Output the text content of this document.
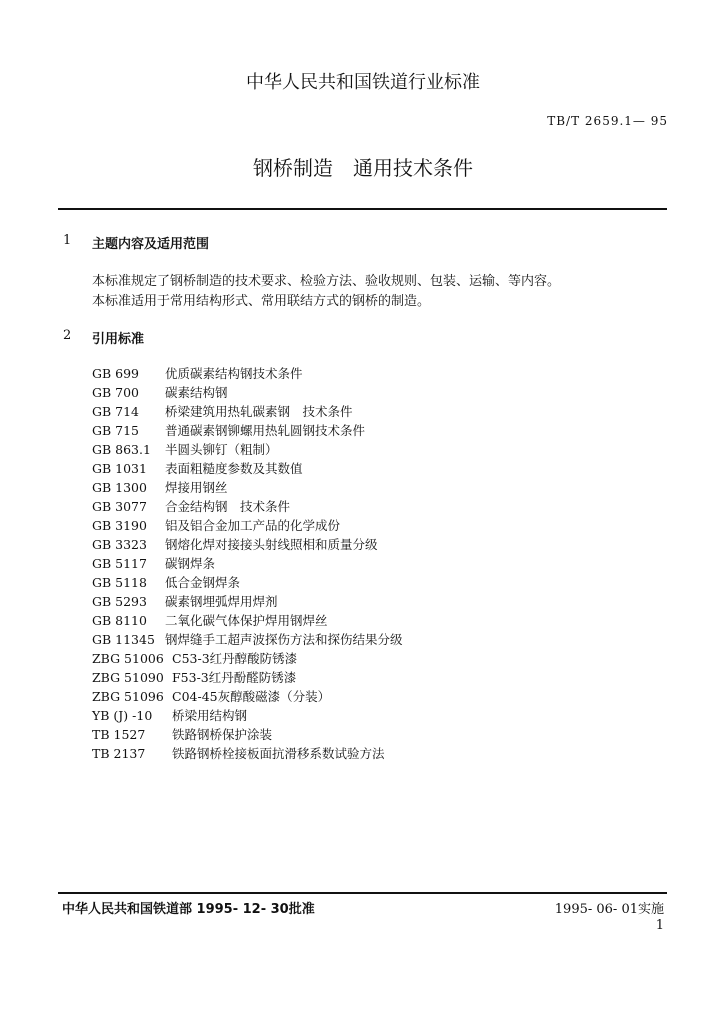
中华人民共和国铁道行业标准
TB/T 2659.1— 95
钢桥制造　通用技术条件
1 主题内容及适用范围
本标准规定了钢桥制造的技术要求、检验方法、验收规则、包装、运输、等内容。
本标准适用于常用结构形式、常用联结方式的钢桥的制造。
2 引用标准
GB 699 优质碳素结构钢技术条件
GB 700 碳素结构钢
GB 714 桥梁建筑用热轧碳素钢　技术条件
GB 715 普通碳素钢铆螺用热轧圆钢技术条件
GB 863.1 半圆头铆钉（粗制）
GB 1031 表面粗糙度参数及其数值
GB 1300 焊接用钢丝
GB 3077 合金结构钢　技术条件
GB 3190 铝及铝合金加工产品的化学成份
GB 3323 钢熔化焊对接接头射线照相和质量分级
GB 5117 碳钢焊条
GB 5118 低合金钢焊条
GB 5293 碳素钢埋弧焊用焊剂
GB 8110 二氧化碳气体保护焊用钢焊丝
GB 11345 钢焊缝手工超声波探伤方法和探伤结果分级
ZBG 51006 C53-3红丹醇酸防锈漆
ZBG 51090 F53-3红丹酚醛防锈漆
ZBG 51096 C04-45灰醇酸磁漆（分装）
YB (J) -10 桥梁用结构钢
TB 1527 铁路钢桥保护涂装
TB 2137 铁路钢桥栓接板面抗滑移系数试验方法
中华人民共和国铁道部 1995- 12- 30批准	1995- 06- 01实施
1
